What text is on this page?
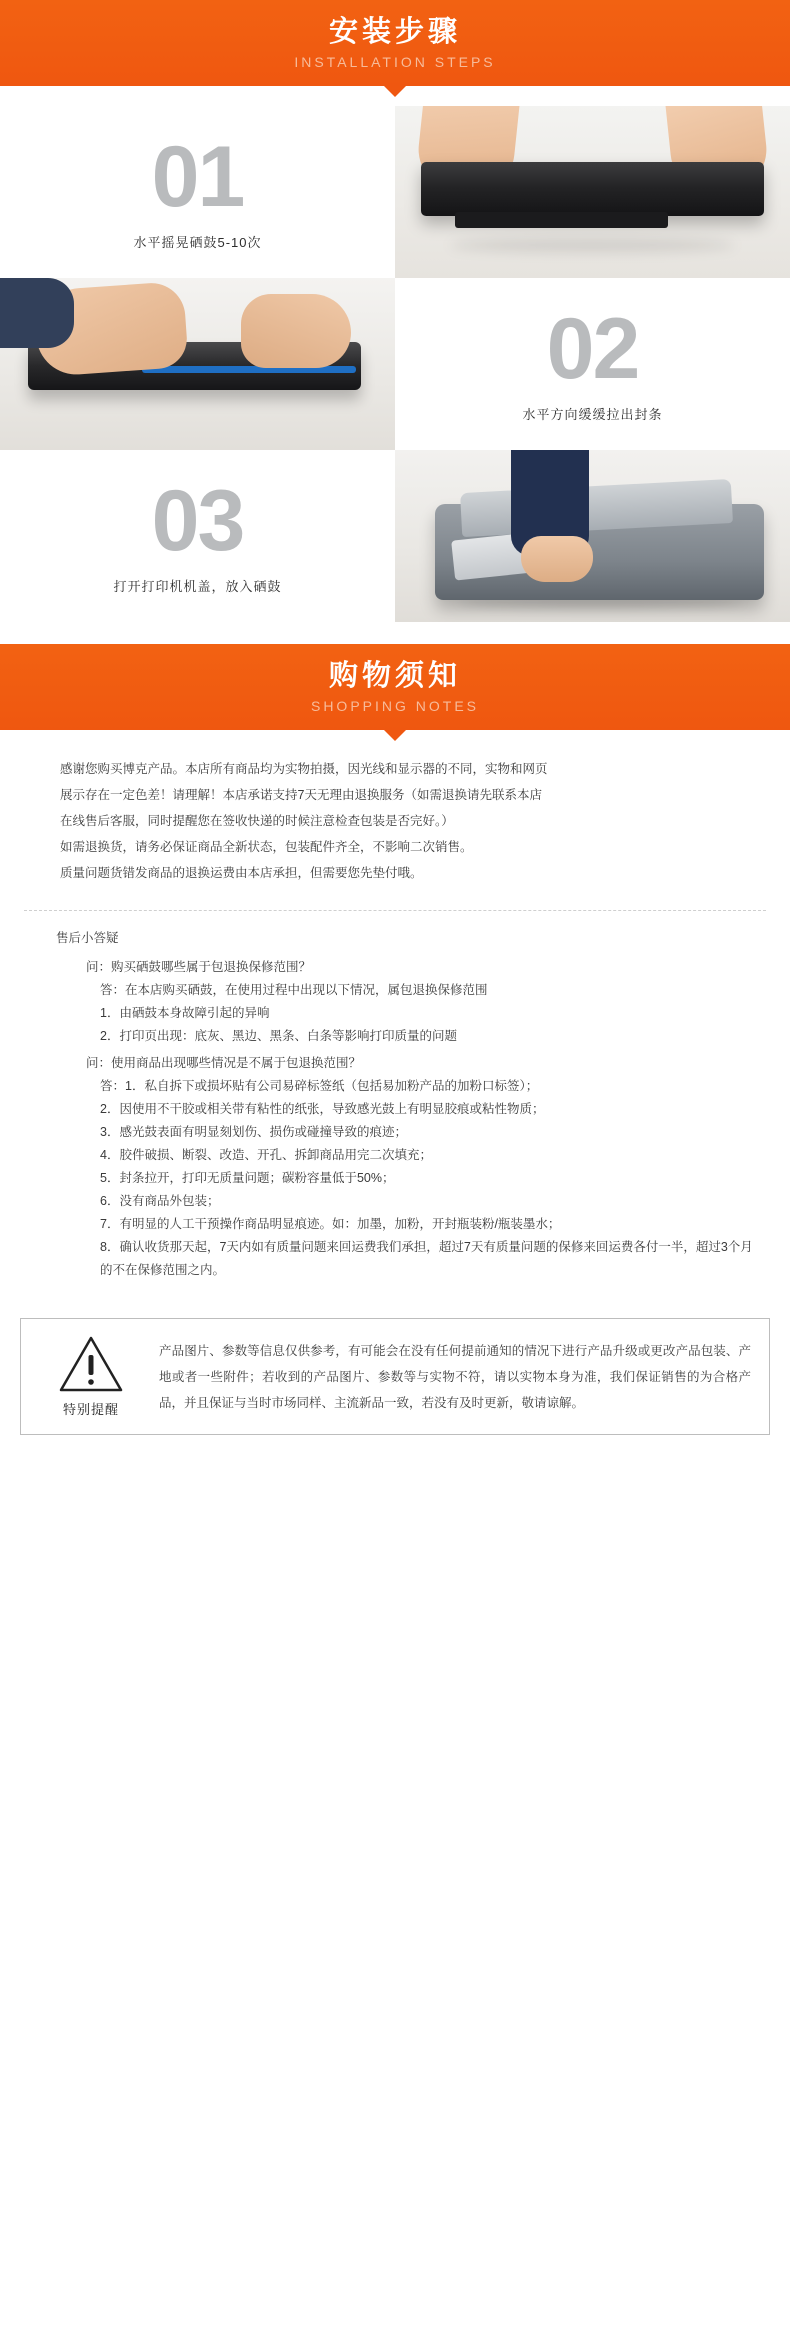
安装步骤
INSTALLATION STEPS
01
水平摇晃硒鼓5-10次
02
水平方向缓缓拉出封条
03
打开打印机机盖，放入硒鼓
购物须知
SHOPPING NOTES

感谢您购买博克产品。本店所有商品均为实物拍摄，因光线和显示器的不同，实物和网页

展示存在一定色差！请理解！本店承诺支持7天无理由退换服务（如需退换请先联系本店

在线售后客服，同时提醒您在签收快递的时候注意检查包装是否完好。）

如需退换货，请务必保证商品全新状态，包装配件齐全，不影响二次销售。

质量问题货错发商品的退换运费由本店承担，但需要您先垫付哦。

售后小答疑
问：购买硒鼓哪些属于包退换保修范围？
答：在本店购买硒鼓，在使用过程中出现以下情况，属包退换保修范围
1．由硒鼓本身故障引起的异响
2．打印页出现：底灰、黑边、黑条、白条等影响打印质量的问题
问：使用商品出现哪些情况是不属于包退换范围？
答：1．私自拆下或损坏贴有公司易碎标签纸（包括易加粉产品的加粉口标签）；
2．因使用不干胶或相关带有粘性的纸张，导致感光鼓上有明显胶痕或粘性物质；
3．感光鼓表面有明显刻划伤、损伤或碰撞导致的痕迹；
4．胶件破损、断裂、改造、开孔、拆卸商品用完二次填充；
5．封条拉开，打印无质量问题；碳粉容量低于50%；
6．没有商品外包装；
7．有明显的人工干预操作商品明显痕迹。如：加墨，加粉，开封瓶装粉/瓶装墨水；
8．确认收货那天起，7天内如有质量问题来回运费我们承担，超过7天有质量问题的保修来回运费各付一半，超过3个月的不在保修范围之内。
特别提醒
产品图片、参数等信息仅供参考，有可能会在没有任何提前通知的情况下进行产品升级或更改产品包装、产地或者一些附件；若收到的产品图片、参数等与实物不符，请以实物本身为准，我们保证销售的为合格产品，并且保证与当时市场同样、主流新品一致，若没有及时更新，敬请谅解。
